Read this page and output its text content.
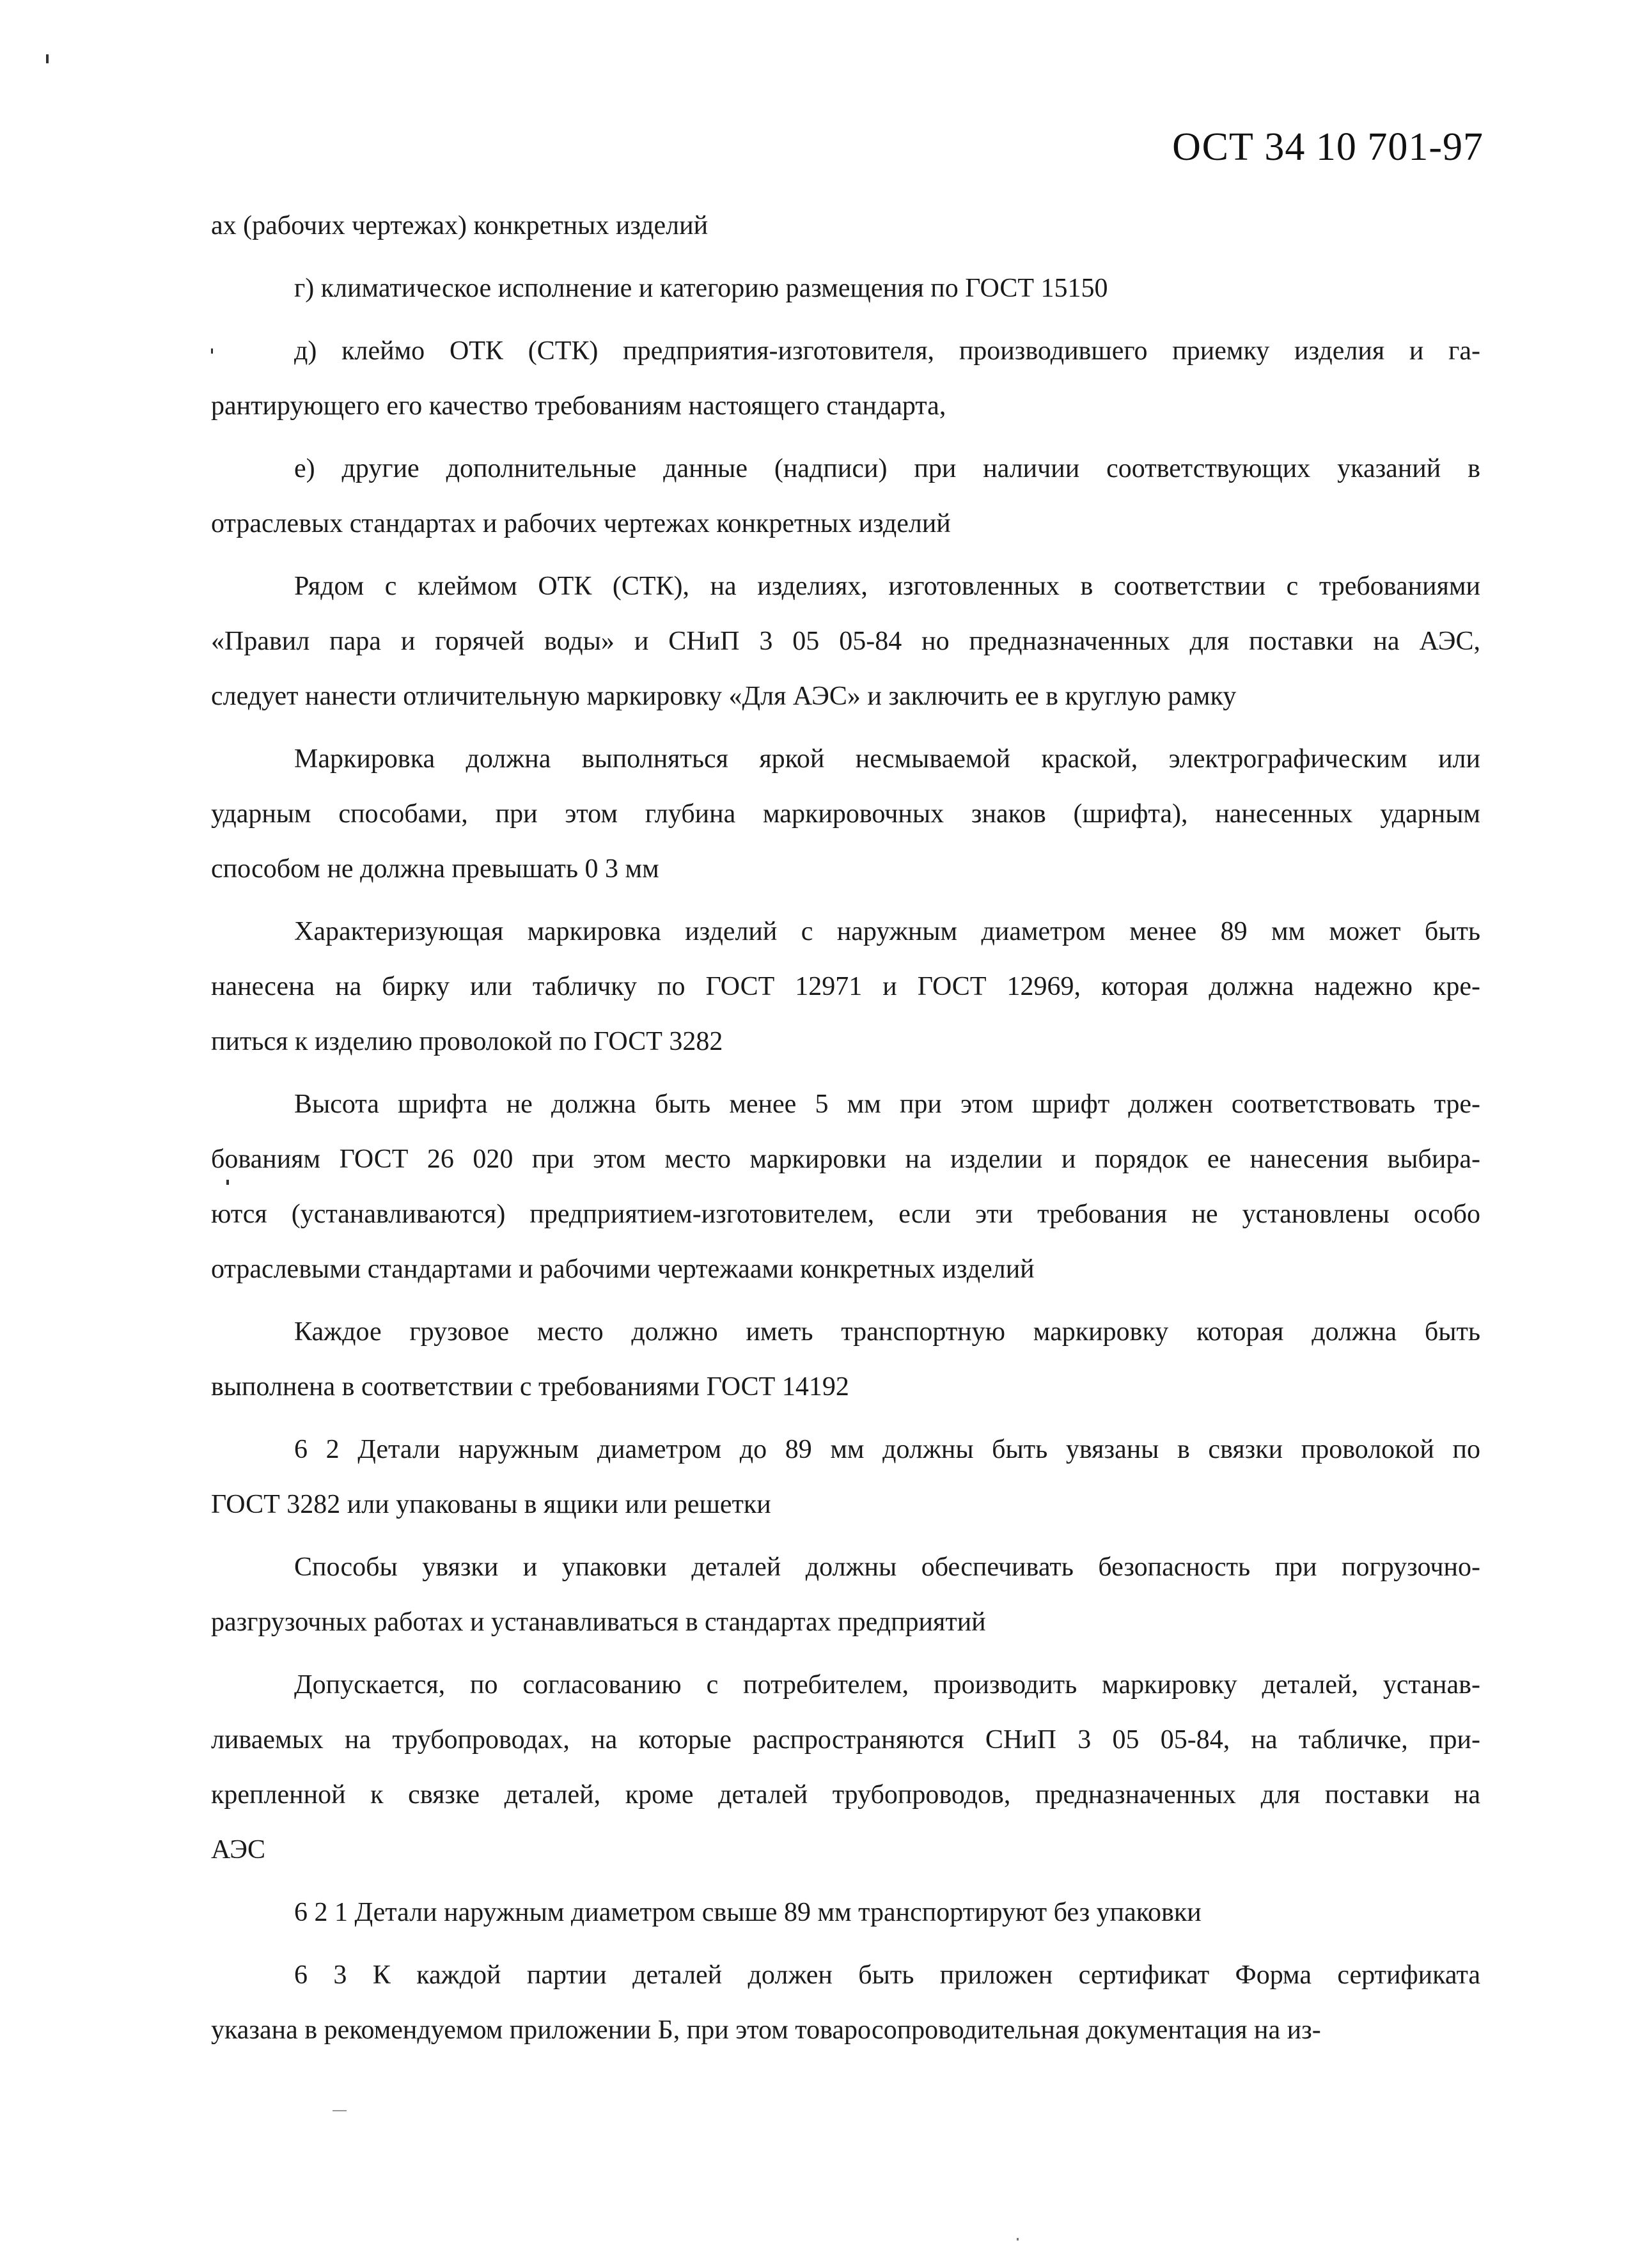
ОСТ 34 10 701-97
ах (рабочих чертежах) конкретных изделий
г) климатическое исполнение и категорию размещения по ГОСТ 15150
д) клеймо ОТК (СТК) предприятия-изготовителя, производившего приемку изделия и га-
рантирующего его качество требованиям настоящего стандарта,
е) другие дополнительные данные (надписи) при наличии соответствующих указаний в
отраслевых стандартах и рабочих чертежах конкретных изделий
Рядом с клеймом ОТК (СТК), на изделиях, изготовленных в соответствии с требованиями
«Правил пара и горячей воды» и СНиП 3 05 05-84 но предназначенных для поставки на АЭС,
следует нанести отличительную маркировку «Для АЭС» и заключить ее в круглую рамку
Маркировка должна выполняться яркой несмываемой краской, электрографическим или
ударным способами, при этом глубина маркировочных знаков (шрифта), нанесенных ударным
способом не должна превышать 0 3 мм
Характеризующая маркировка изделий с наружным диаметром менее 89 мм может быть
нанесена на бирку или табличку по ГОСТ 12971 и ГОСТ 12969, которая должна надежно кре-
питься к изделию проволокой по ГОСТ 3282
Высота шрифта не должна быть менее 5 мм при этом шрифт должен соответствовать тре-
бованиям ГОСТ 26 020 при этом место маркировки на изделии и порядок ее нанесения выбира-
ются (устанавливаются) предприятием-изготовителем, если эти требования не установлены особо
отраслевыми стандартами и рабочими чертежаами конкретных изделий
Каждое грузовое место должно иметь транспортную маркировку которая должна быть
выполнена в соответствии с требованиями ГОСТ 14192
6 2 Детали наружным диаметром до 89 мм должны быть увязаны в связки проволокой по
ГОСТ 3282 или упакованы в ящики или решетки
Способы увязки и упаковки деталей должны обеспечивать безопасность при погрузочно-
разгрузочных работах и устанавливаться в стандартах предприятий
Допускается, по согласованию с потребителем, производить маркировку деталей, устанав-
ливаемых на трубопроводах, на которые распространяются СНиП 3 05 05-84, на табличке, при-
крепленной к связке деталей, кроме деталей трубопроводов, предназначенных для поставки на
АЭС
6 2 1 Детали наружным диаметром свыше 89 мм транспортируют без упаковки
6 3 К каждой партии деталей должен быть приложен сертификат Форма сертификата
указана в рекомендуемом приложении Б, при этом товаросопроводительная документация на из-
